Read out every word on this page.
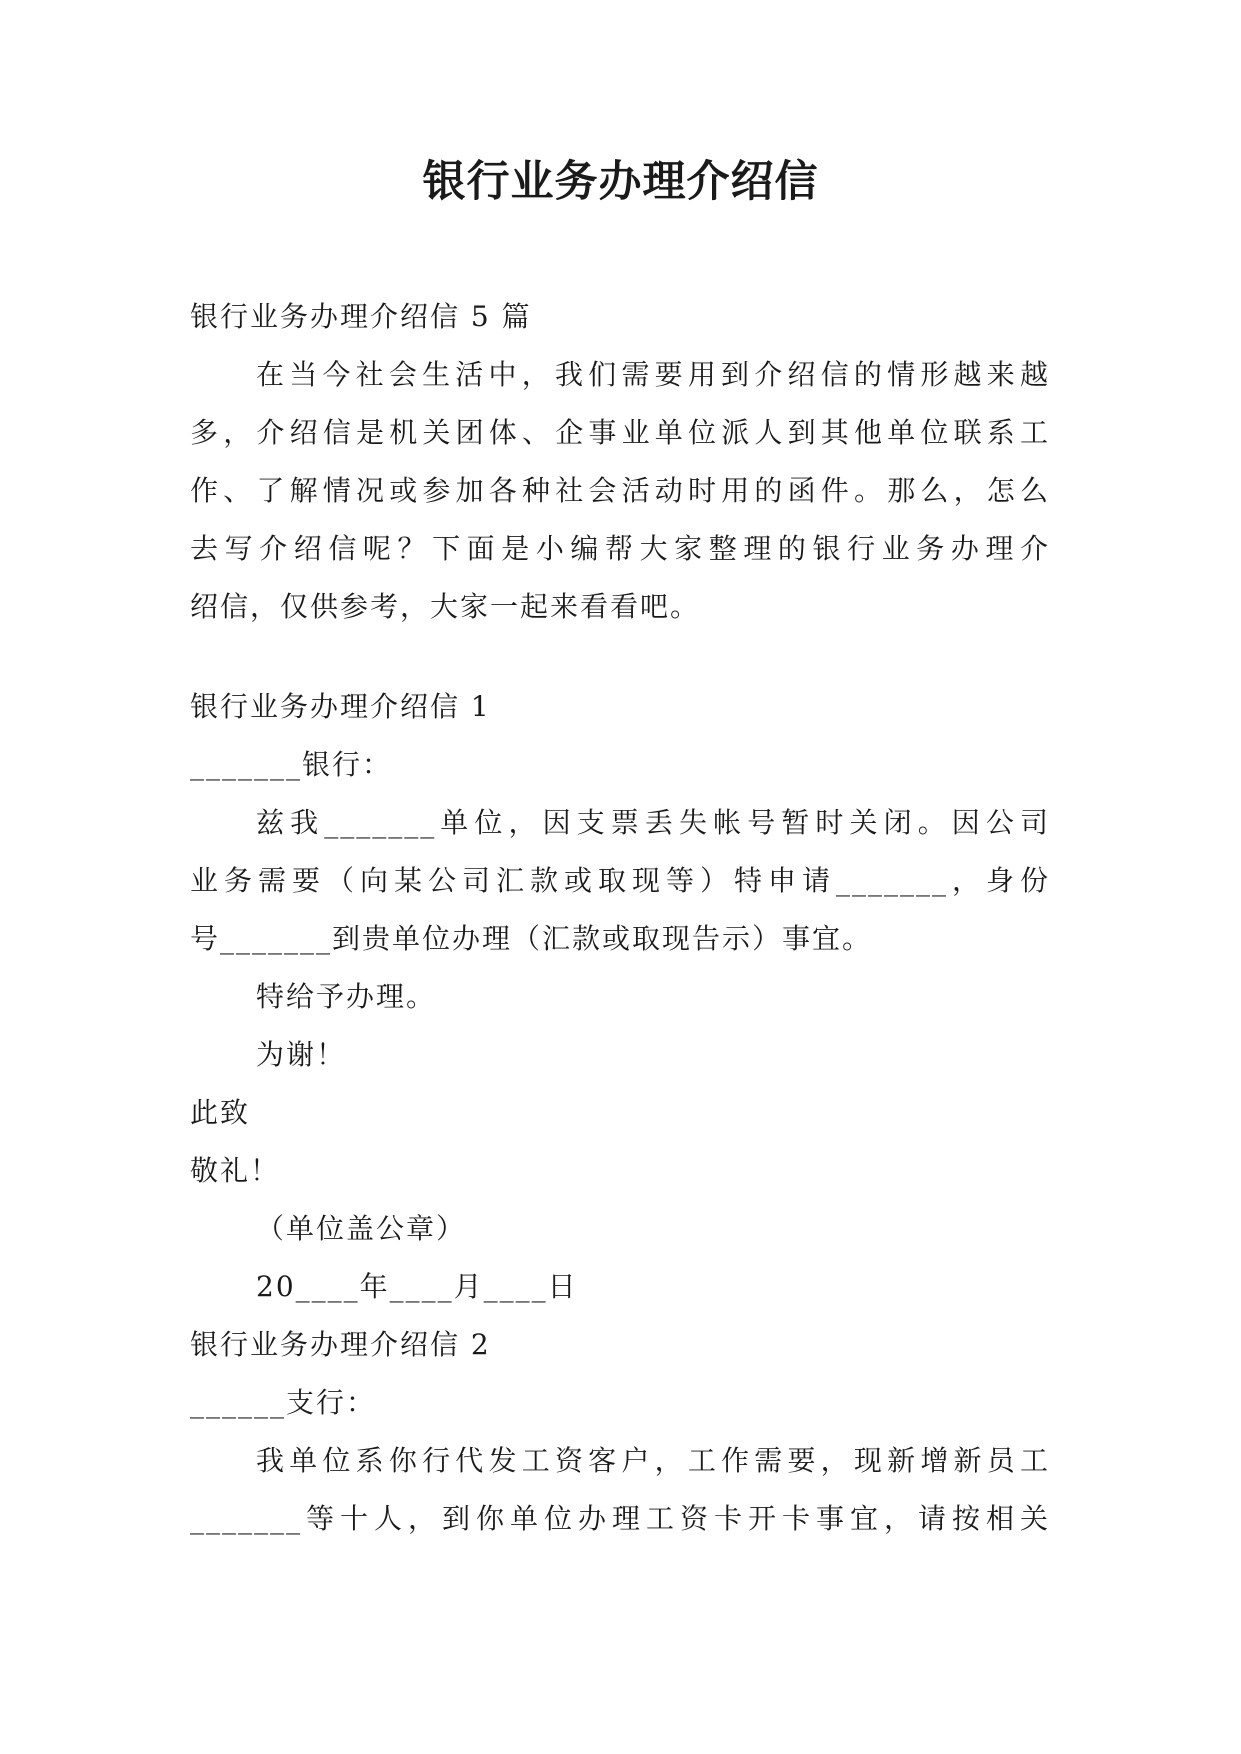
银行业务办理介绍信
银行业务办理介绍信 5 篇
在当今社会生活中，我们需要用到介绍信的情形越来越
多，介绍信是机关团体、企事业单位派人到其他单位联系工
作、了解情况或参加各种社会活动时用的函件。那么，怎么
去写介绍信呢？下面是小编帮大家整理的银行业务办理介
绍信，仅供参考，大家一起来看看吧。
银行业务办理介绍信 1
_______银行：
兹我_______单位，因支票丢失帐号暂时关闭。因公司
业务需要（向某公司汇款或取现等）特申请_______，身份
号_______到贵单位办理（汇款或取现告示）事宜。
特给予办理。
为谢！
此致
敬礼！
（单位盖公章）
20____年____月____日
银行业务办理介绍信 2
______支行：
我单位系你行代发工资客户，工作需要，现新增新员工
_______等十人，到你单位办理工资卡开卡事宜，请按相关
